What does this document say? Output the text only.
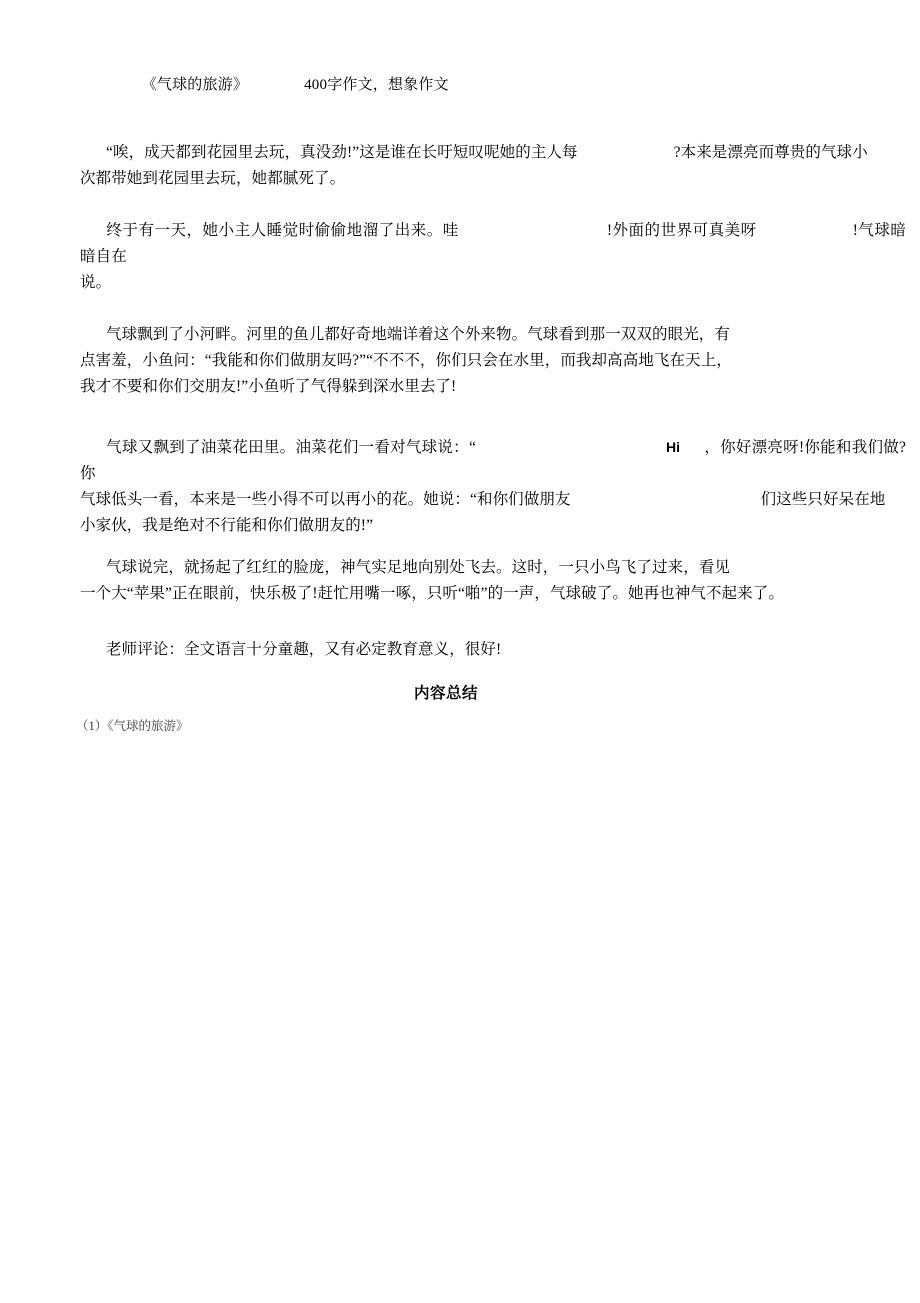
《气球的旅游》	400字作文，想象作文

“唉，成天都到花园里去玩，真没劲!”这是谁在长吁短叹呢她的主人每	?本来是漂亮而尊贵的气球小
次都带她到花园里去玩，她都腻死了。
终于有一天，她小主人睡觉时偷偷地溜了出来。哇	!外面的世界可真美呀	!气球暗暗自在
说。
气球飘到了小河畔。河里的鱼儿都好奇地端详着这个外来物。气球看到那一双双的眼光，有
点害羞，小鱼问：“我能和你们做朋友吗?”“不不不，你们只会在水里，而我却高高地飞在天上，
我才不要和你们交朋友!”小鱼听了气得躲到深水里去了!
气球又飘到了油菜花田里。油菜花们一看对气球说：“	Hi ，你好漂亮呀!你能和我们做?你
气球低头一看，本来是一些小得不可以再小的花。她说：“和你们做朋友	们这些只好呆在地
小家伙，我是绝对不行能和你们做朋友的!”
气球说完，就扬起了红红的脸庞，神气实足地向别处飞去。这时，一只小鸟飞了过来，看见
一个大“苹果”正在眼前，快乐极了!赶忙用嘴一啄，只听“啪”的一声，气球破了。她再也神气不起来了。
老师评论：全文语言十分童趣，又有必定教育意义，很好!
内容总结
（1）《气球的旅游》
